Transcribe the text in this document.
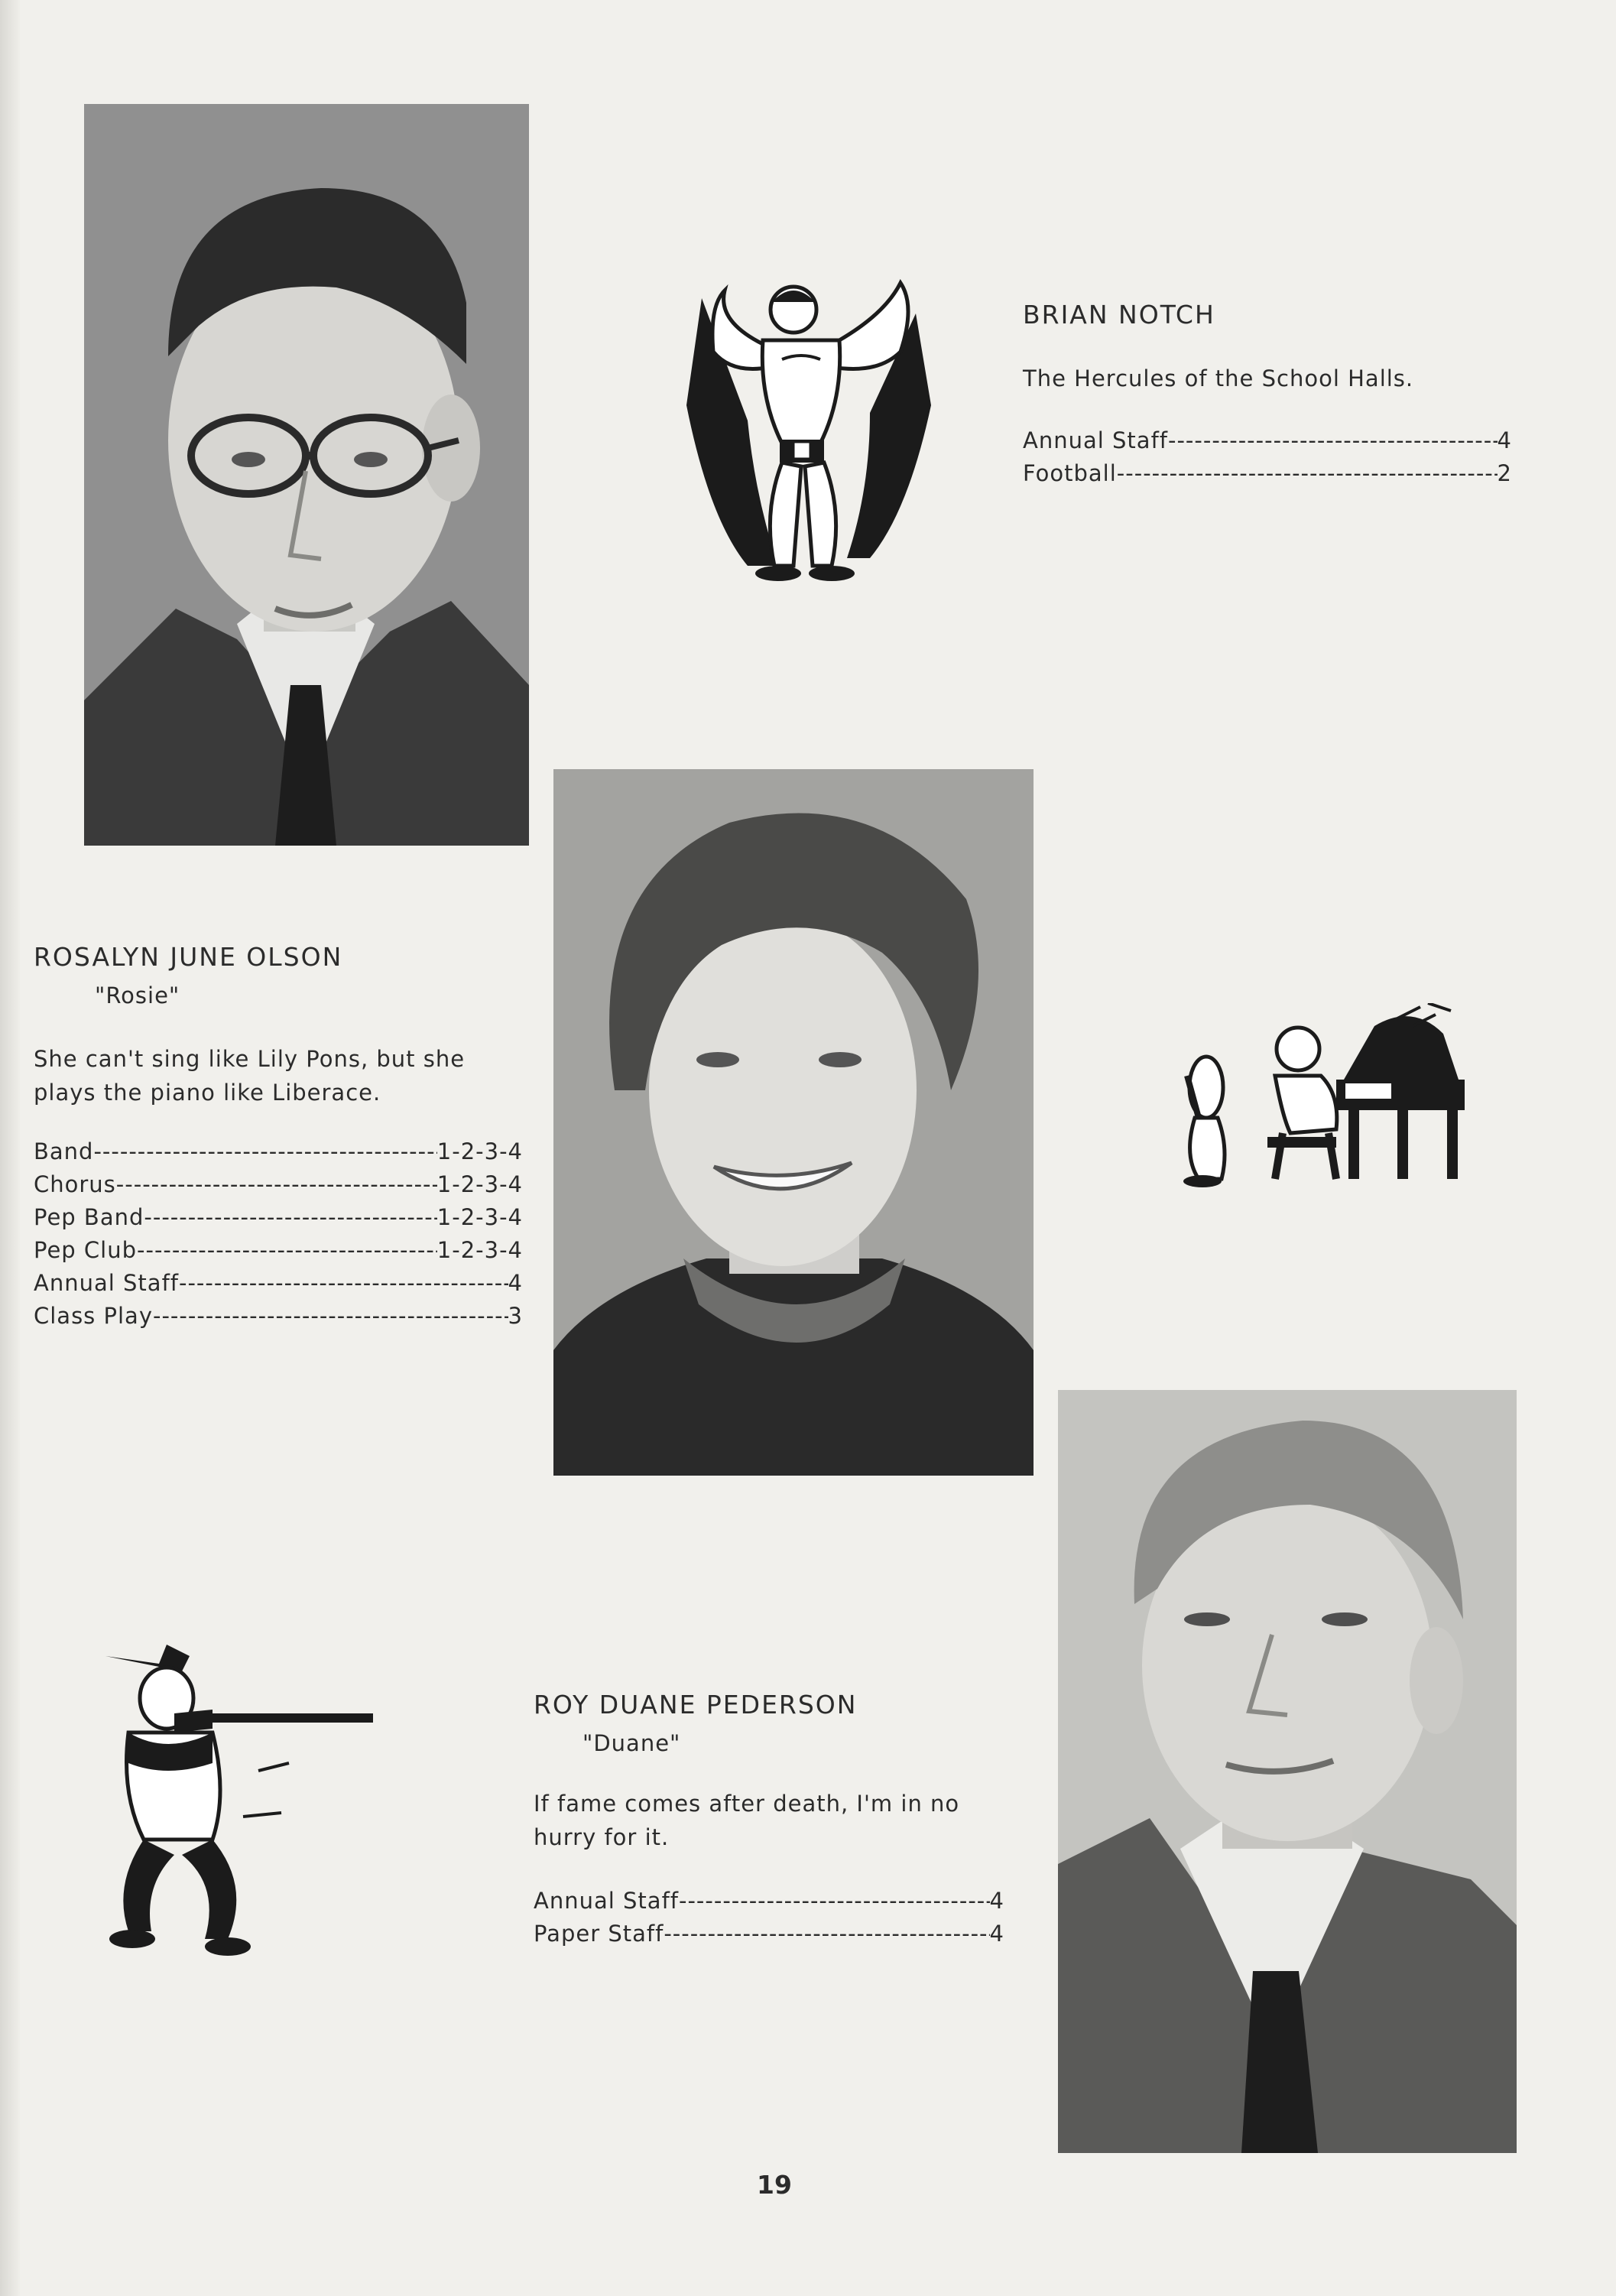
BRIAN NOTCH

The Hercules of the School Halls.

Annual Staff -----	4
Football -----	2
ROSALYN JUNE OLSON

"Rosie"

She can't sing like Lily Pons, but she

plays the piano like Liberace.

Band -----	1-2-3-4
Chorus -----	1-2-3-4
Pep Band -----	1-2-3-4
Pep Club -----	1-2-3-4
Annual Staff -----	4
Class Play -----	3
ROY DUANE PEDERSON

"Duane"

If fame comes after death, I'm in no

hurry for it.

Annual Staff -----	4
Paper Staff -----	4
19
